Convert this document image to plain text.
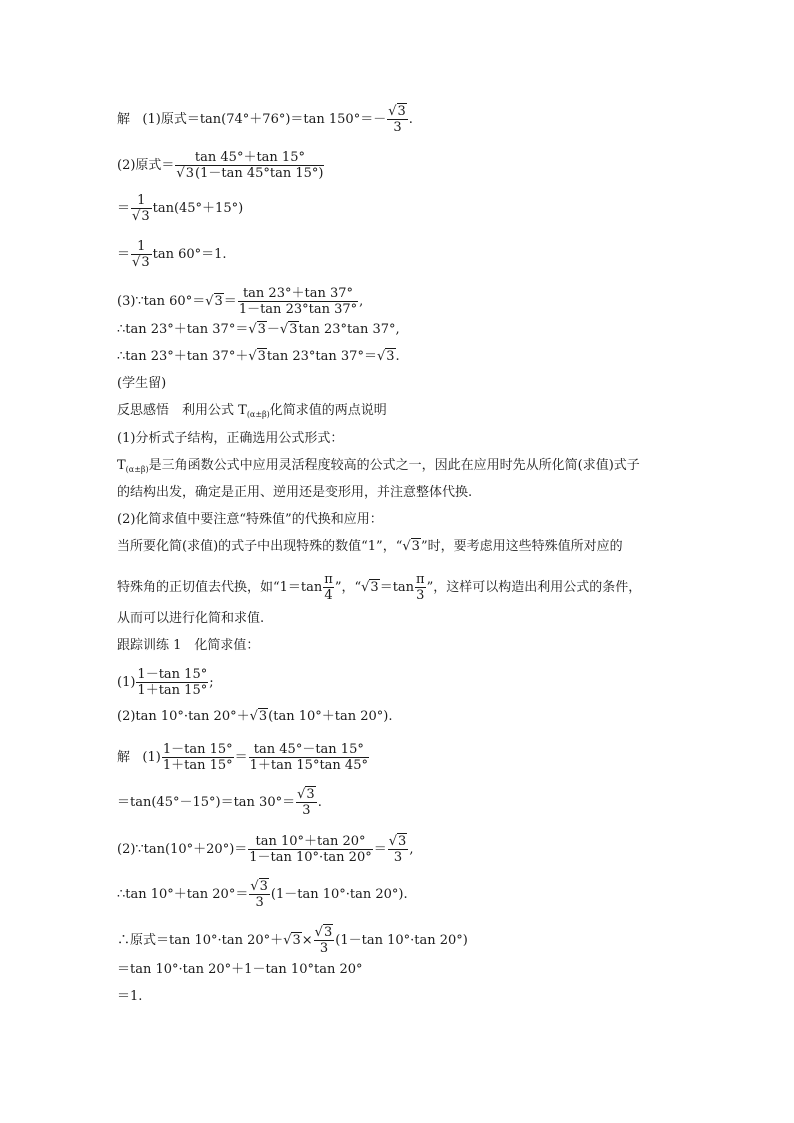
解 (1)原式＝tan(74°＋76°)＝tan $150^\circ=- \frac{√3}{3}$ .
(2)原式＝ $\frac{\tan 45^\circ+\tan 15^\circ}{√3(1-\tan 45^\circ\tan 15^\circ)}$
＝ $\frac{1}{√3} \tan(45^\circ+15^\circ)$
＝ $\frac{1}{√3}$ tan 60°＝1.
(3)∵tan $60^\circ=√3= \frac{\tan 23^\circ+\tan 37^\circ}{1-\tan 23^\circ\tan 37^\circ}$ ,
∴tan 23°＋tan 37°＝√3－√3tan 23°tan 37°,
∴tan 23°＋tan 37°＋√3tan 23°tan 37°＝√3.
(学生留)
反思感悟　利用公式 $T_{(\alpha\pm\beta)}$化简求值的两点说明
(1)分析式子结构，正确选用公式形式：
$T_{(\alpha\pm\beta)}$是三角函数公式中应用灵活程度较高的公式之一，因此在应用时先从所化简(求值)式子
的结构出发，确定是正用、逆用还是变形用，并注意整体代换.
(2)化简求值中要注意“特殊值”的代换和应用：
当所要化简(求值)的式子中出现特殊的数值“1”，“√3”时，要考虑用这些特殊值所对应的
特殊角的正切值去代换，如“$1=\tan \frac{\pi}{4}$ ”，“$√3=\tan \frac{\pi}{3}$ ”，这样可以构造出利用公式的条件，
从而可以进行化简和求值.
跟踪训练 1　化简求值：
$(1) \frac{1-\tan 15^\circ}{1+\tan 15^\circ}$ ;
(2)tan 10°·tan 20°＋√3(tan 10°＋tan 20°).
解 $(1) \frac{1-\tan 15^\circ}{1+\tan 15^\circ} = \frac{\tan 45^\circ-\tan 15^\circ}{1+\tan 15^\circ\tan 45^\circ}$
＝tan(45°－15°)＝tan $30^\circ= \frac{√3}{3}$ .
(2)∵tan(10°＋20°)＝ $\frac{\tan 10^\circ+\tan 20^\circ}{1-\tan 10^\circ\cdot\tan 20^\circ} = \frac{√3}{3}$ ,
∴tan 10°＋tan $20^\circ= \frac{√3}{3} (1-\tan$ 10°·tan 20°).
∴原式＝tan 10°·tan $20^\circ+√3\times \frac{√3}{3} (1-\tan$ 10°·tan 20°)
＝tan 10°·tan 20°＋1－tan 10°tan 20°
＝1.
